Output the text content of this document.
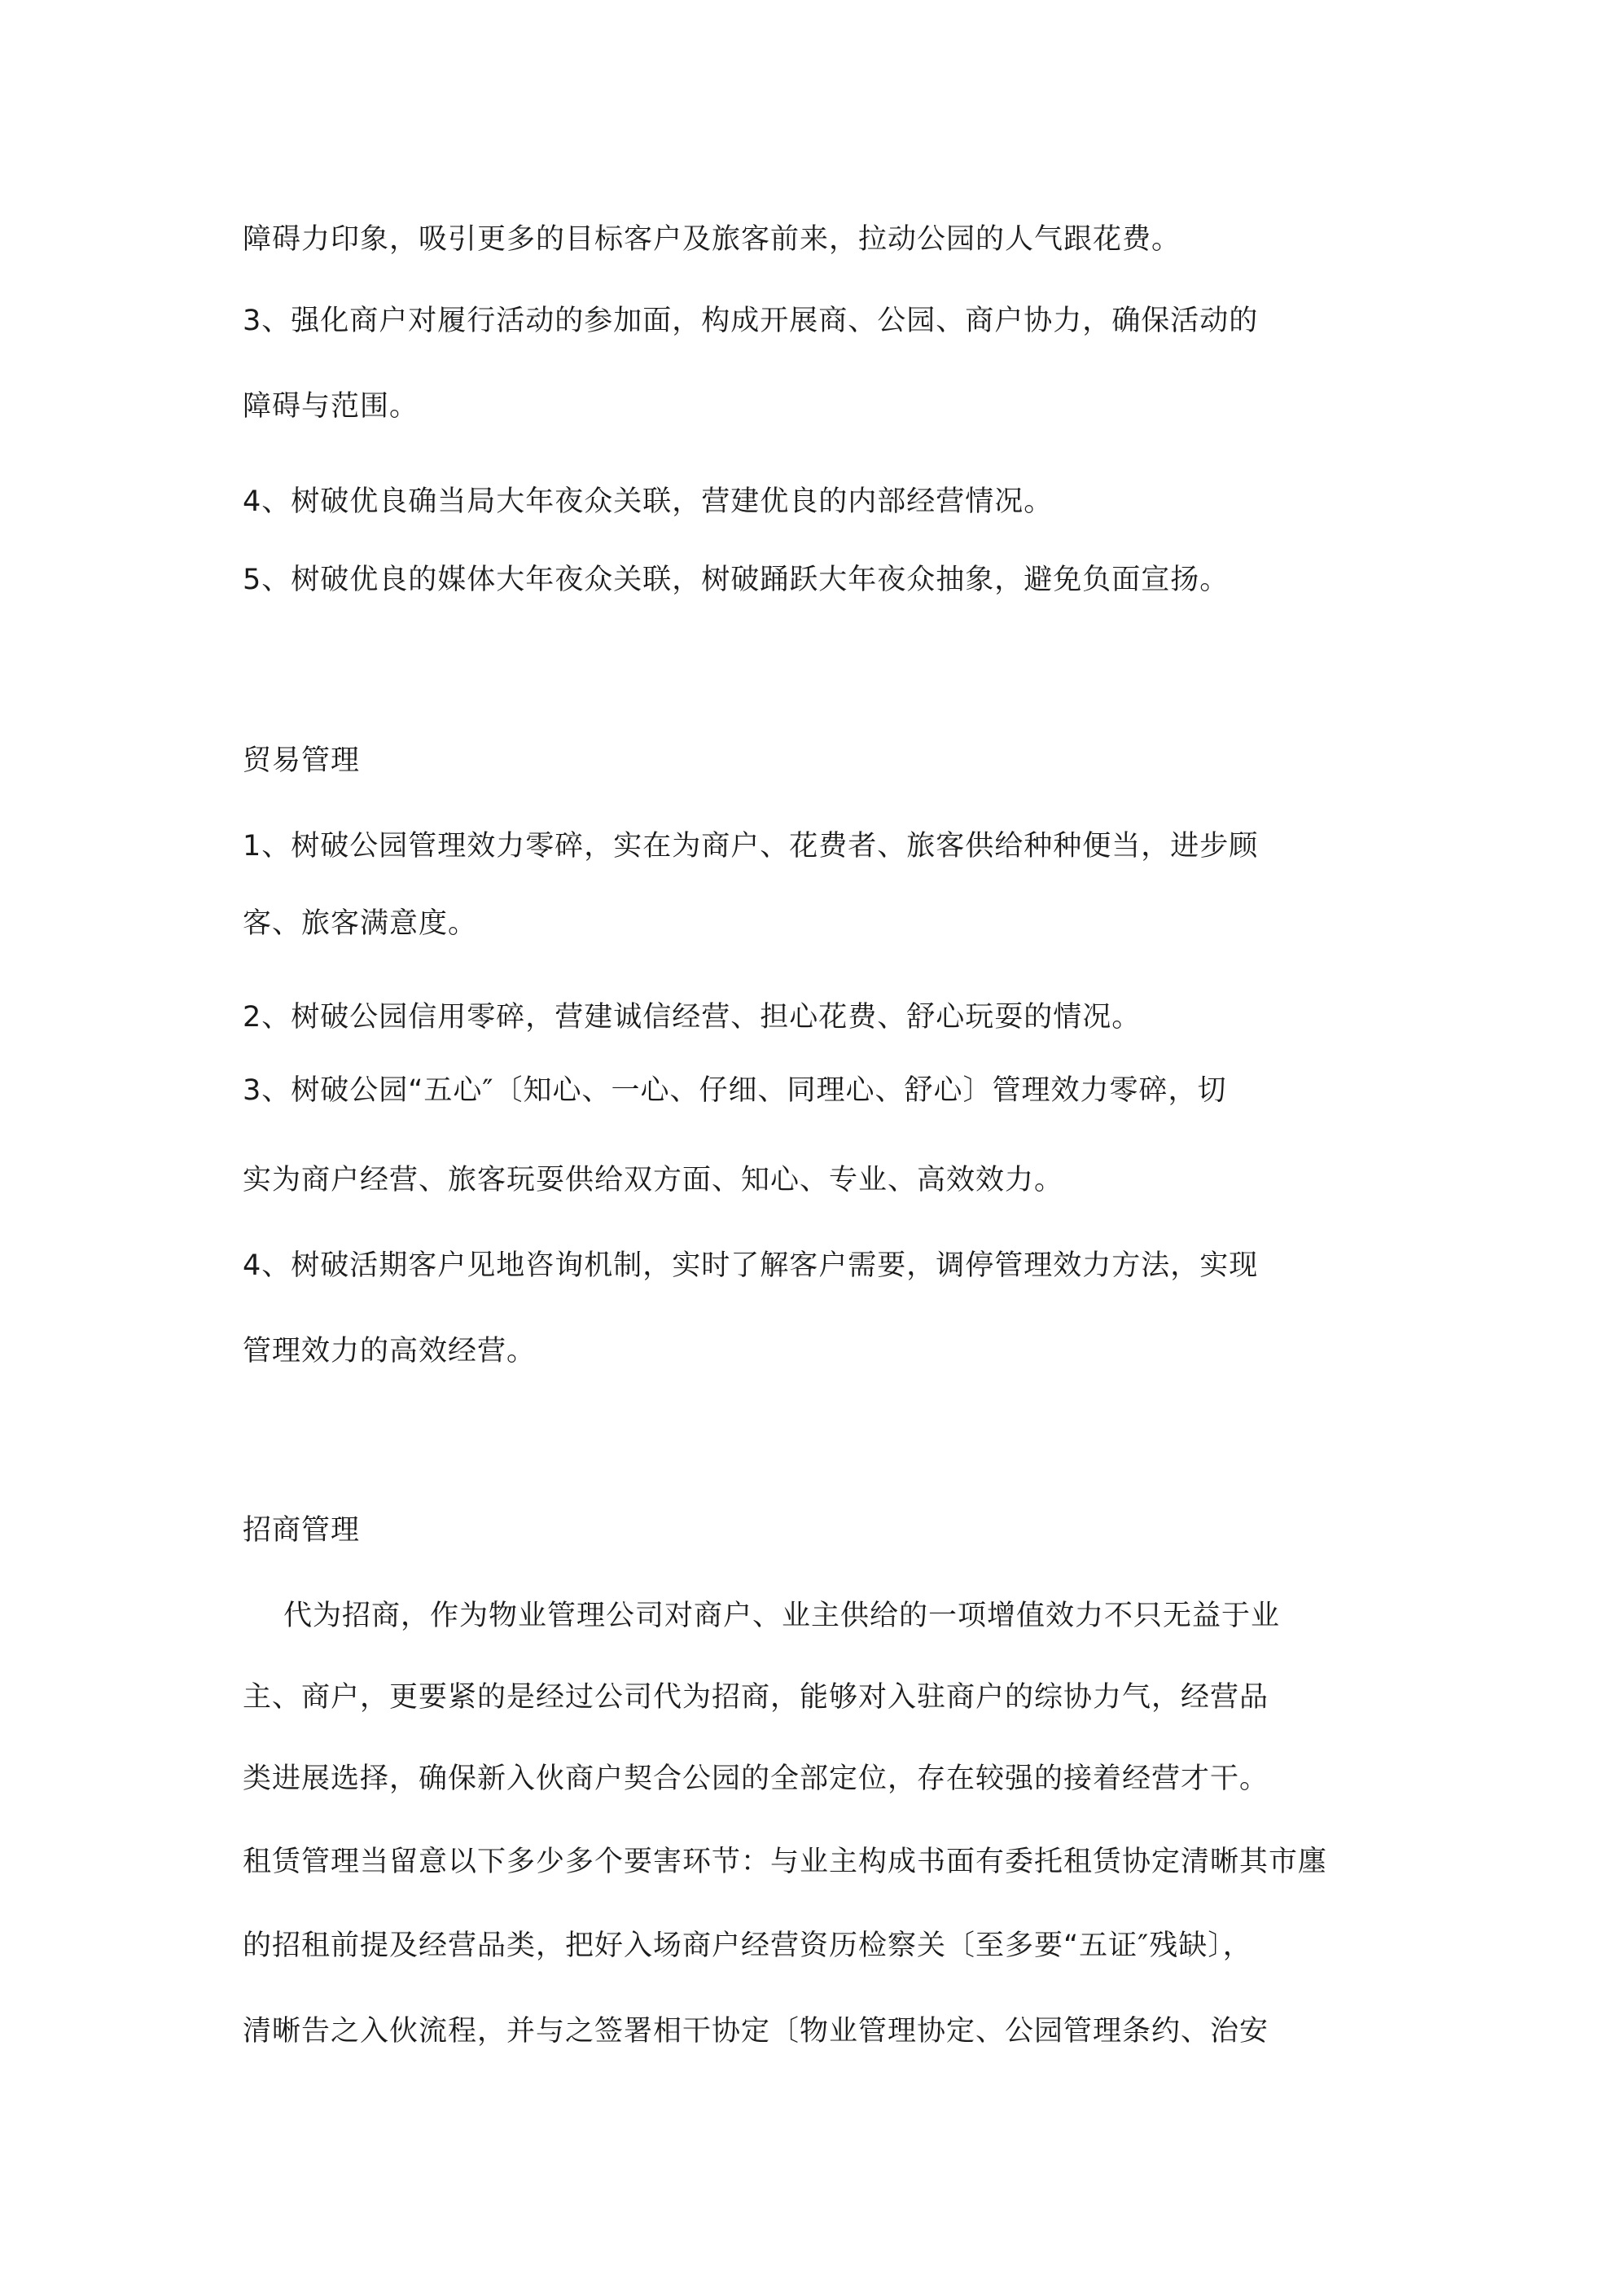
障碍力印象，吸引更多的目标客户及旅客前来，拉动公园的人气跟花费。
3、强化商户对履行活动的参加面，构成开展商、公园、商户协力，确保活动的
障碍与范围。
4、树破优良确当局大年夜众关联，营建优良的内部经营情况。
5、树破优良的媒体大年夜众关联，树破踊跃大年夜众抽象，避免负面宣扬。
贸易管理
1、树破公园管理效力零碎，实在为商户、花费者、旅客供给种种便当，进步顾
客、旅客满意度。
2、树破公园信用零碎，营建诚信经营、担心花费、舒心玩耍的情况。
3、树破公园“五心″〔知心、一心、仔细、同理心、舒心〕管理效力零碎，切
实为商户经营、旅客玩耍供给双方面、知心、专业、高效效力。
4、树破活期客户见地咨询机制，实时了解客户需要，调停管理效力方法，实现
管理效力的高效经营。
招商管理
代为招商，作为物业管理公司对商户、业主供给的一项增值效力不只无益于业
主、商户，更要紧的是经过公司代为招商，能够对入驻商户的综协力气，经营品
类进展选择，确保新入伙商户契合公园的全部定位，存在较强的接着经营才干。
租赁管理当留意以下多少多个要害环节：与业主构成书面有委托租赁协定清晰其市廛
的招租前提及经营品类，把好入场商户经营资历检察关〔至多要“五证″残缺〕，
清晰告之入伙流程，并与之签署相干协定〔物业管理协定、公园管理条约、治安
